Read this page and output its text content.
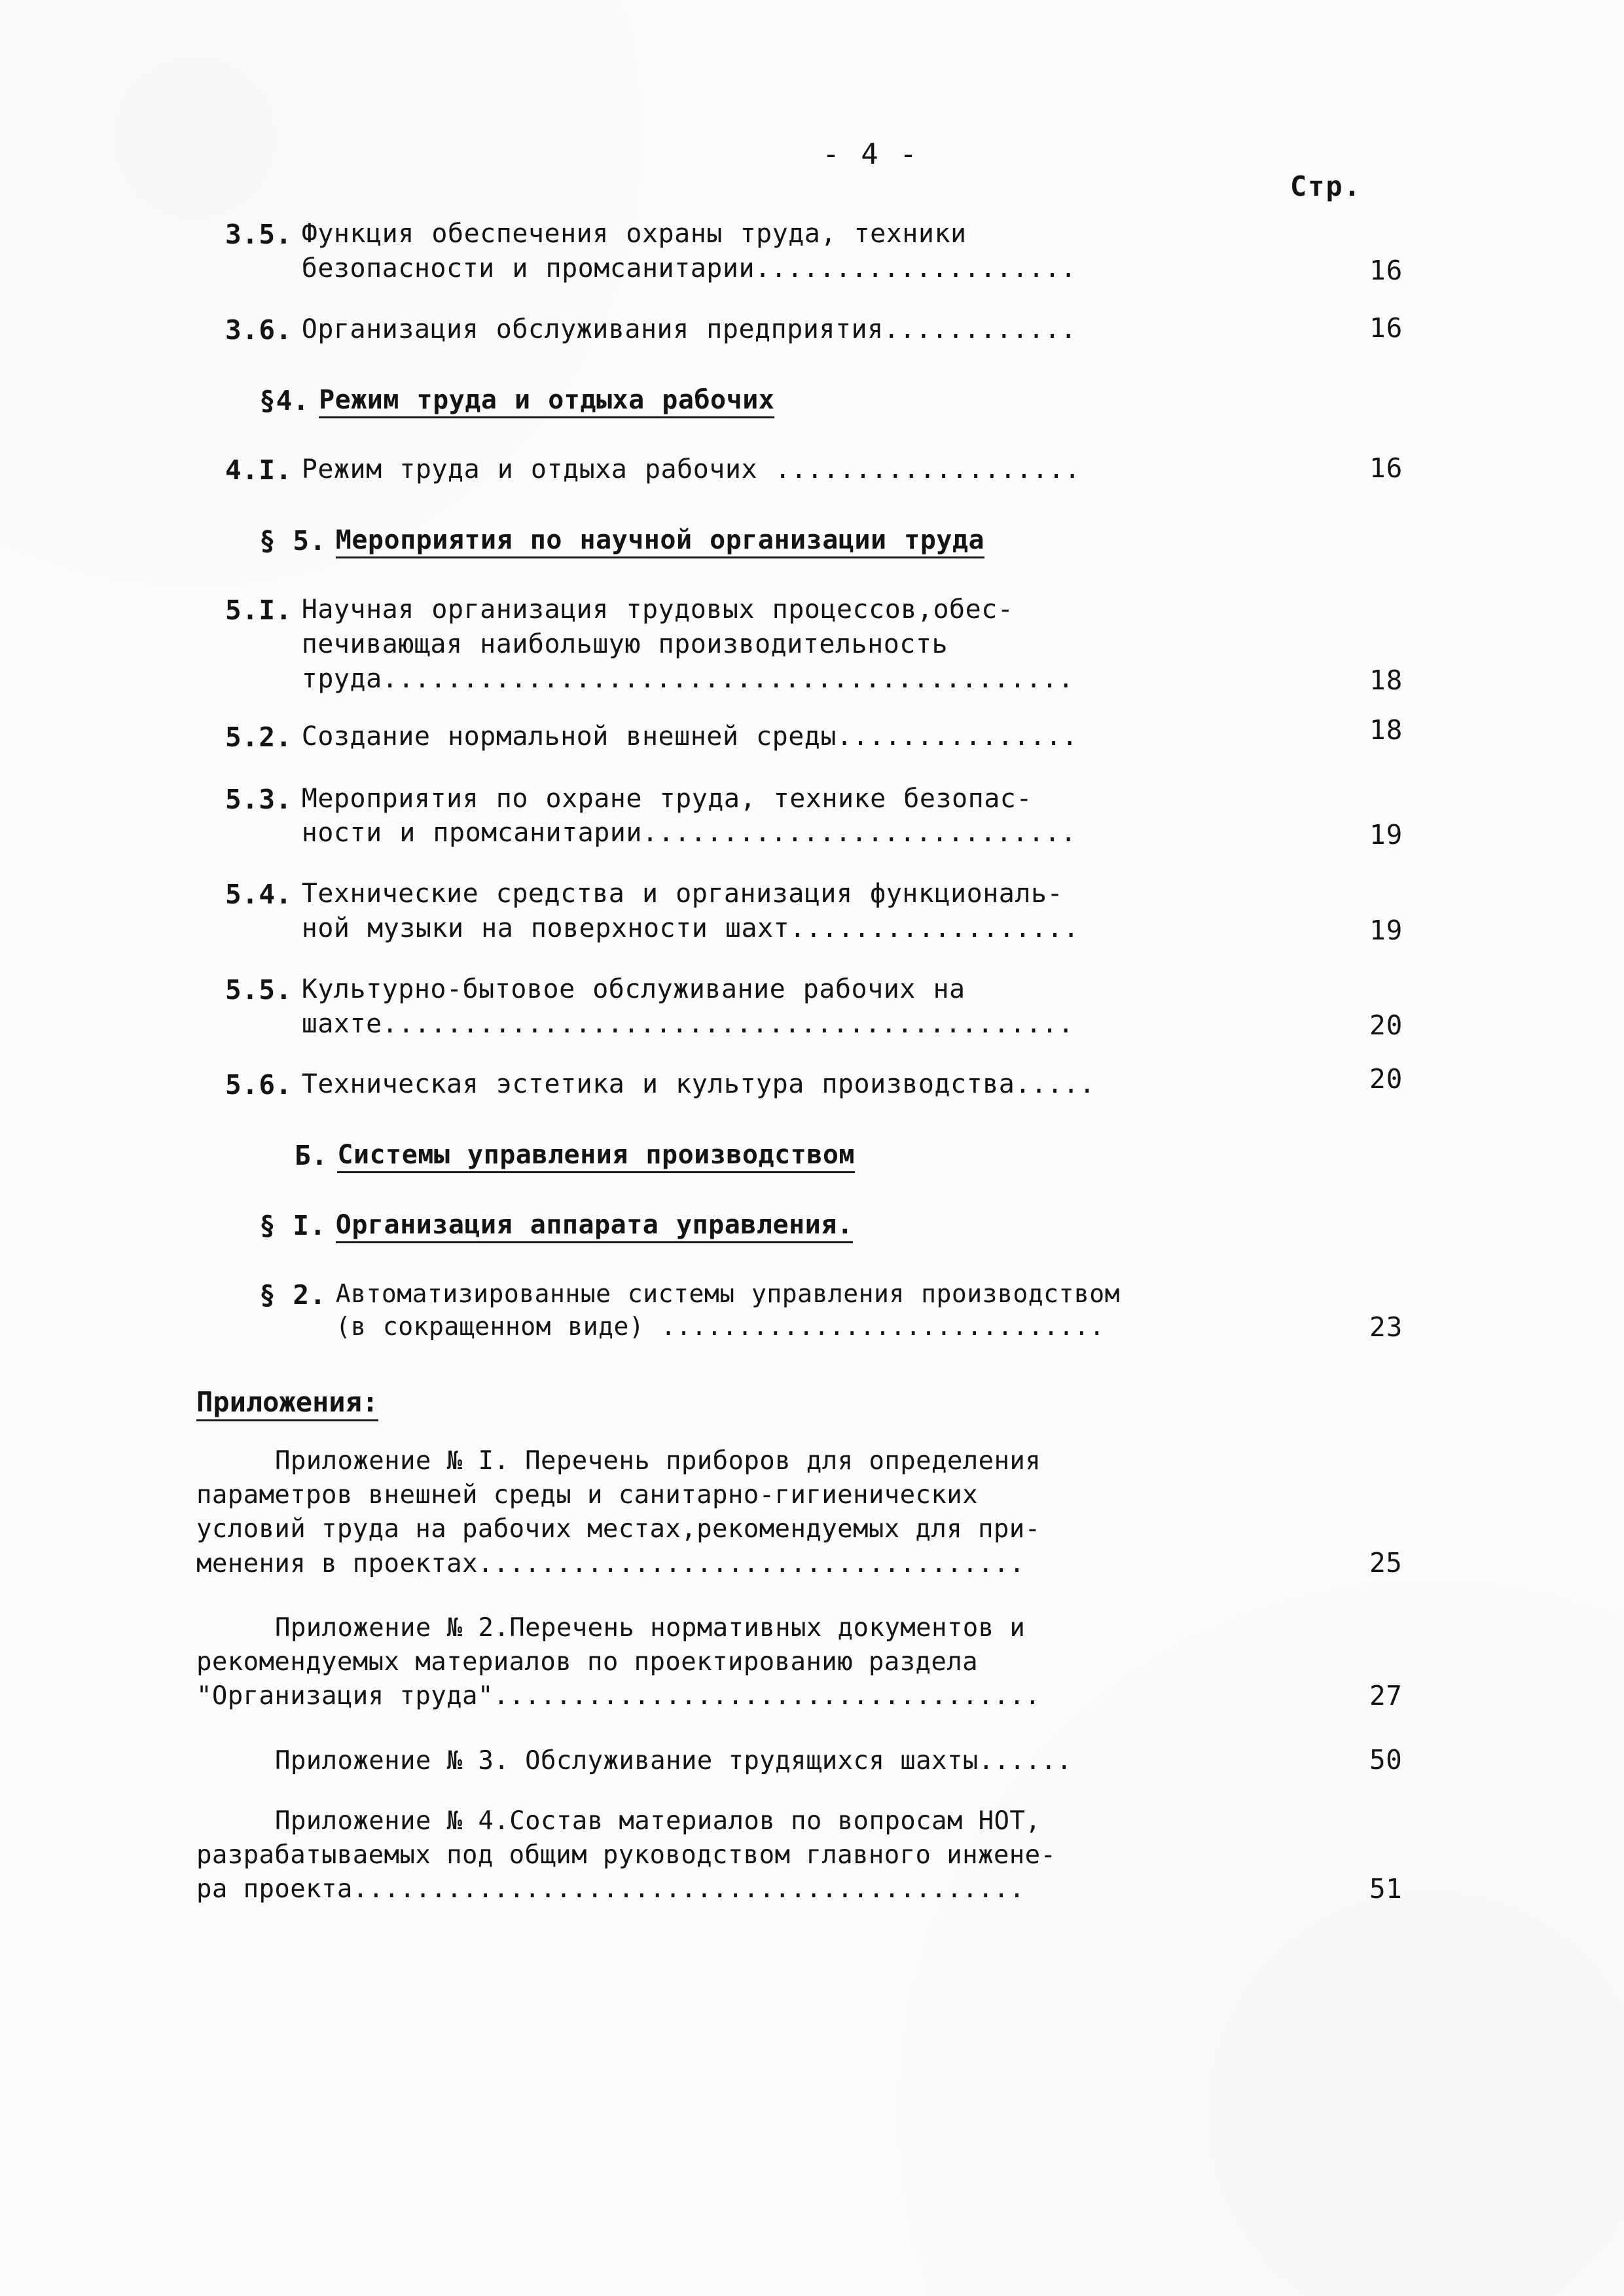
- 4 -
Стр.
3.5. Функция обеспечения охраны труда, техники
безопасности и промсанитарии....................	16
3.6. Организация обслуживания предприятия............	16
§4. Режим труда и отдыха рабочих
4.I. Режим труда и отдыха рабочих ...................	16
§ 5. Мероприятия по научной организации труда
5.I. Научная организация трудовых процессов,обес-
печивающая наибольшую производительность
труда...........................................	18
5.2. Создание нормальной внешней среды...............	18
5.3. Мероприятия по охране труда, технике безопас-
ности и промсанитарии...........................	19
5.4. Технические средства и организация функциональ-
ной музыки на поверхности шахт..................	19
5.5. Культурно-бытовое обслуживание рабочих на
шахте...........................................	20
5.6. Техническая эстетика и культура производства.....	20
Б. Системы управления производством
§ I. Организация аппарата управления.
§ 2. Автоматизированные системы управления производством
(в сокращенном виде) .............................	23
Приложения:
Приложение № I. Перечень приборов для определения
параметров внешней среды и санитарно-гигиенических
условий труда на рабочих местах,рекомендуемых для при-
менения в проектах...................................	25
Приложение № 2.Перечень нормативных документов и
рекомендуемых материалов по проектированию раздела
"Организация труда"...................................	27
Приложение № 3. Обслуживание трудящихся шахты......	50
Приложение № 4.Состав материалов по вопросам НОТ,
разрабатываемых под общим руководством главного инжене-
ра проекта...........................................	51
